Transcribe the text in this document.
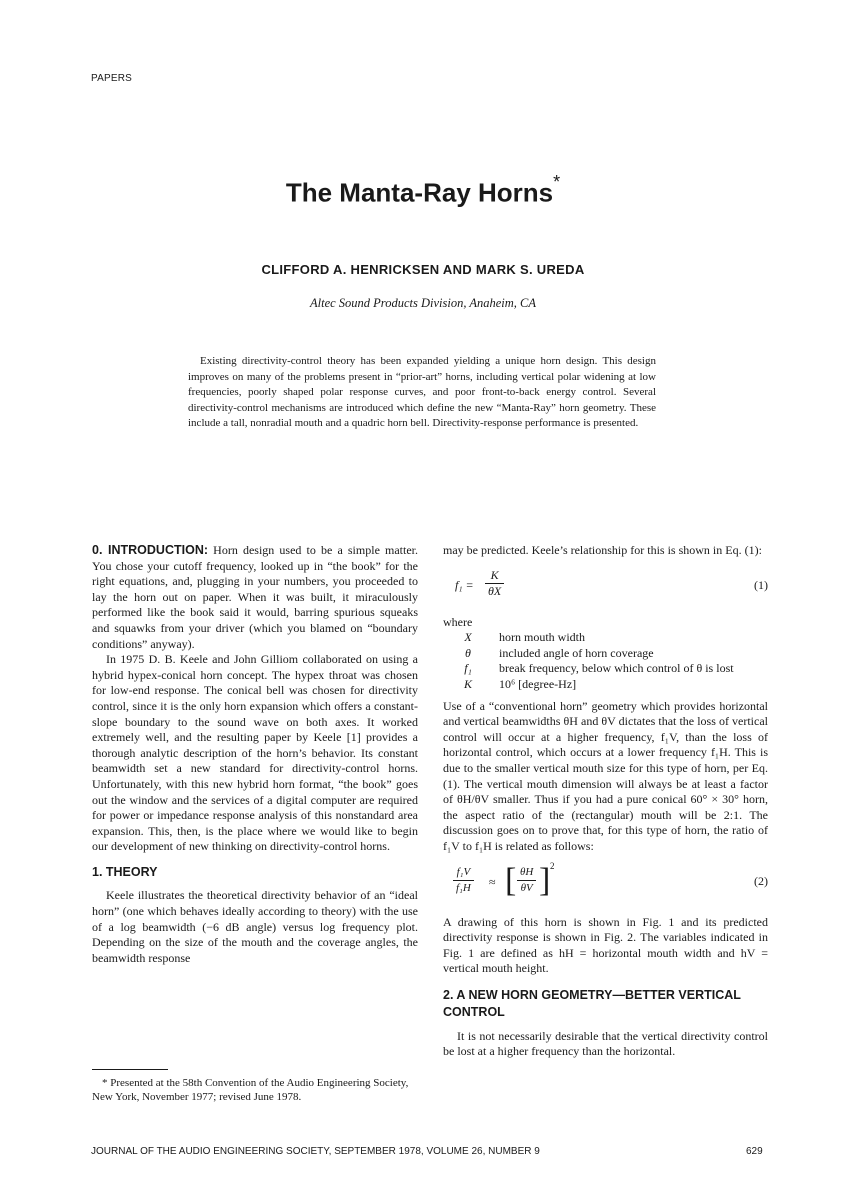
PAPERS
The Manta-Ray Horns*
CLIFFORD A. HENRICKSEN AND MARK S. UREDA
Altec Sound Products Division, Anaheim, CA
Existing directivity-control theory has been expanded yielding a unique horn design. This design improves on many of the problems present in “prior-art” horns, including vertical polar widening at low frequencies, poorly shaped polar response curves, and poor front-to-back energy control. Several directivity-control mechanisms are introduced which define the new “Manta-Ray” horn geometry. These include a tall, nonradial mouth and a quadric horn bell. Directivity-response performance is presented.

0. INTRODUCTION: Horn design used to be a simple matter. You chose your cutoff frequency, looked up in “the book” for the right equations, and, plugging in your numbers, you proceeded to lay the horn out on paper. When it was built, it miraculously performed like the book said it would, barring spurious squeaks and squawks from your driver (which you blamed on “boundary conditions” anyway).

In 1975 D. B. Keele and John Gilliom collaborated on using a hybrid hypex-conical horn concept. The hypex throat was chosen for low-end response. The conical bell was chosen for directivity control, since it is the only horn expansion which offers a constant-slope boundary to the sound wave on both axes. It worked extremely well, and the resulting paper by Keele [1] provides a thorough analytic description of the horn’s behavior. Its constant beamwidth set a new standard for directivity-control horns. Unfortunately, with this new hybrid horn format, “the book” goes out the window and the services of a digital computer are required for power or impedance response analysis of this nonstandard area expansion. This, then, is the place where we would like to begin our development of new thinking on directivity-control horns.

1. THEORY

Keele illustrates the theoretical directivity behavior of an “ideal horn” (one which behaves ideally according to theory) with the use of a log beamwidth (−6 dB angle) versus log frequency plot. Depending on the size of the mouth and the coverage angles, the beamwidth response

may be predicted. Keele’s relationship for this is shown in Eq. (1):

$f_1 = \frac{K}{\theta X}$	(1)

where

X	horn mouth width
θ	included angle of horn coverage
f₁	break frequency, below which control of θ is lost
K	10⁶ [degree-Hz]

Use of a “conventional horn” geometry which provides horizontal and vertical beamwidths θH and θV dictates that the loss of vertical control will occur at a higher frequency, f₁V, than the loss of horizontal control, which occurs at a lower frequency f₁H. This is due to the smaller vertical mouth size for this type of horn, per Eq. (1). The vertical mouth dimension will always be at least a factor of θH/θV smaller. Thus if you had a pure conical 60° × 30° horn, the aspect ratio of the (rectangular) mouth will be 2:1. The discussion goes on to prove that, for this type of horn, the ratio of f₁V to f₁H is related as follows:

$\frac{\text{f₁V}}{\text{f₁H}}$ ≈ [ $\frac{\theta H}{\theta V}$ ] 2
(2)

A drawing of this horn is shown in Fig. 1 and its predicted directivity response is shown in Fig. 2. The variables indicated in Fig. 1 are defined as hH = horizontal mouth width and hV = vertical mouth height.

2. A NEW HORN GEOMETRY—BETTER VERTICAL CONTROL

It is not necessarily desirable that the vertical directivity control be lost at a higher frequency than the horizontal.

* Presented at the 58th Convention of the Audio Engineering Society, New York, November 1977; revised June 1978.
JOURNAL OF THE AUDIO ENGINEERING SOCIETY, SEPTEMBER 1978, VOLUME 26, NUMBER 9	629
